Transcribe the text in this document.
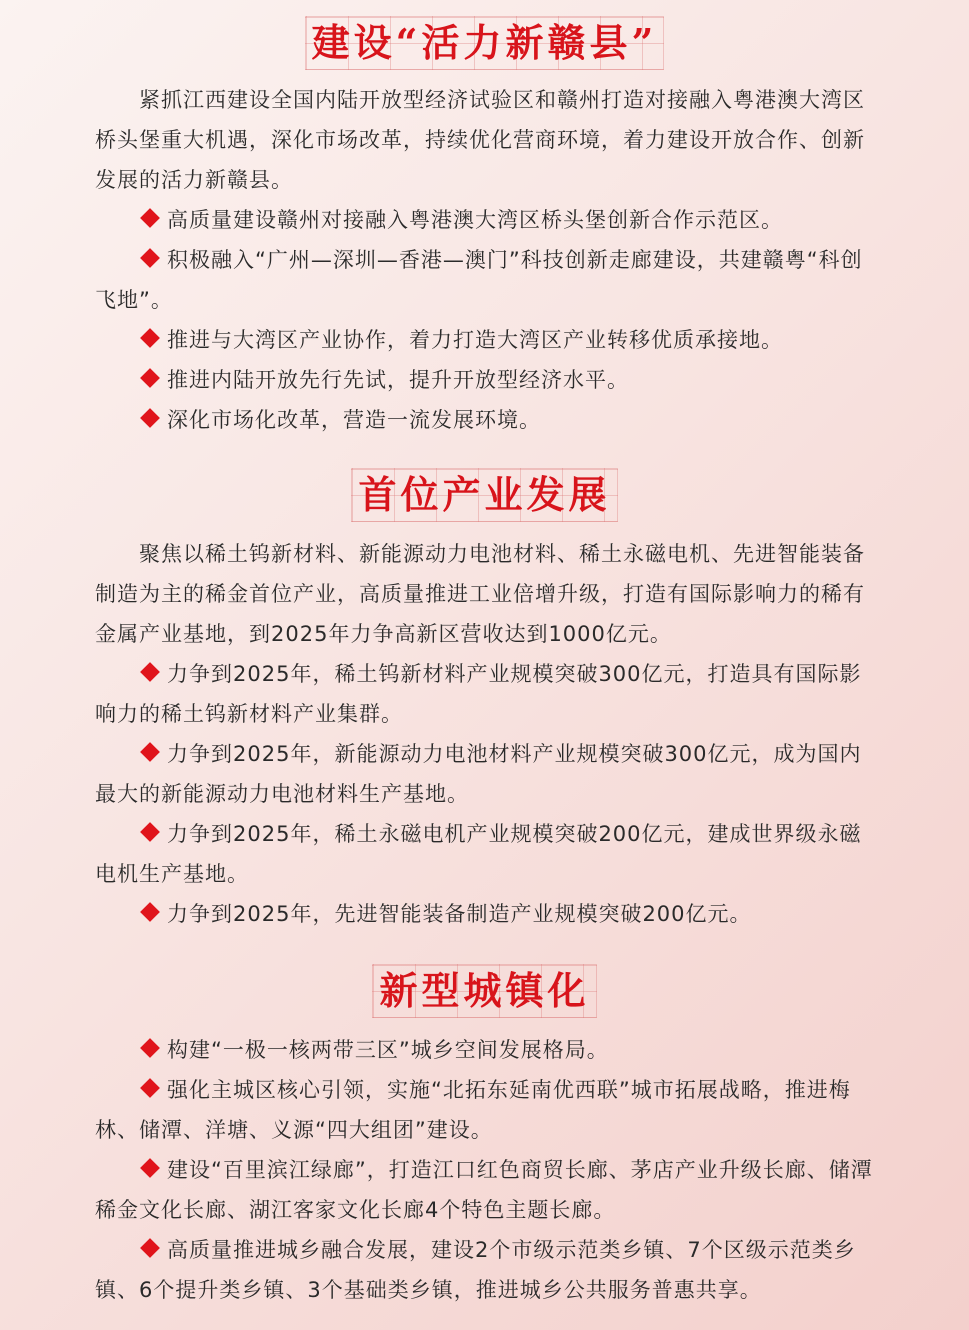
建设“活力新赣县”

紧抓江西建设全国内陆开放型经济试验区和赣州打造对接融入粤港澳大湾区桥头堡重大机遇，深化市场改革，持续优化营商环境，着力建设开放合作、创新发展的活力新赣县。

高质量建设赣州对接融入粤港澳大湾区桥头堡创新合作示范区。

积极融入“广州—深圳—香港—澳门”科技创新走廊建设，共建赣粤“科创飞地”。

推进与大湾区产业协作，着力打造大湾区产业转移优质承接地。

推进内陆开放先行先试，提升开放型经济水平。

深化市场化改革，营造一流发展环境。

首位产业发展

聚焦以稀土钨新材料、新能源动力电池材料、稀土永磁电机、先进智能装备制造为主的稀金首位产业，高质量推进工业倍增升级，打造有国际影响力的稀有金属产业基地，到2025年力争高新区营收达到1000亿元。

力争到2025年，稀土钨新材料产业规模突破300亿元，打造具有国际影响力的稀土钨新材料产业集群。

力争到2025年，新能源动力电池材料产业规模突破300亿元，成为国内最大的新能源动力电池材料生产基地。

力争到2025年，稀土永磁电机产业规模突破200亿元，建成世界级永磁电机生产基地。

力争到2025年，先进智能装备制造产业规模突破200亿元。

新型城镇化

构建“一极一核两带三区”城乡空间发展格局。

强化主城区核心引领，实施“北拓东延南优西联”城市拓展战略，推进梅林、储潭、洋塘、义源“四大组团”建设。

建设“百里滨江绿廊”，打造江口红色商贸长廊、茅店产业升级长廊、储潭稀金文化长廊、湖江客家文化长廊4个特色主题长廊。

高质量推进城乡融合发展，建设2个市级示范类乡镇、7个区级示范类乡镇、6个提升类乡镇、3个基础类乡镇，推进城乡公共服务普惠共享。
